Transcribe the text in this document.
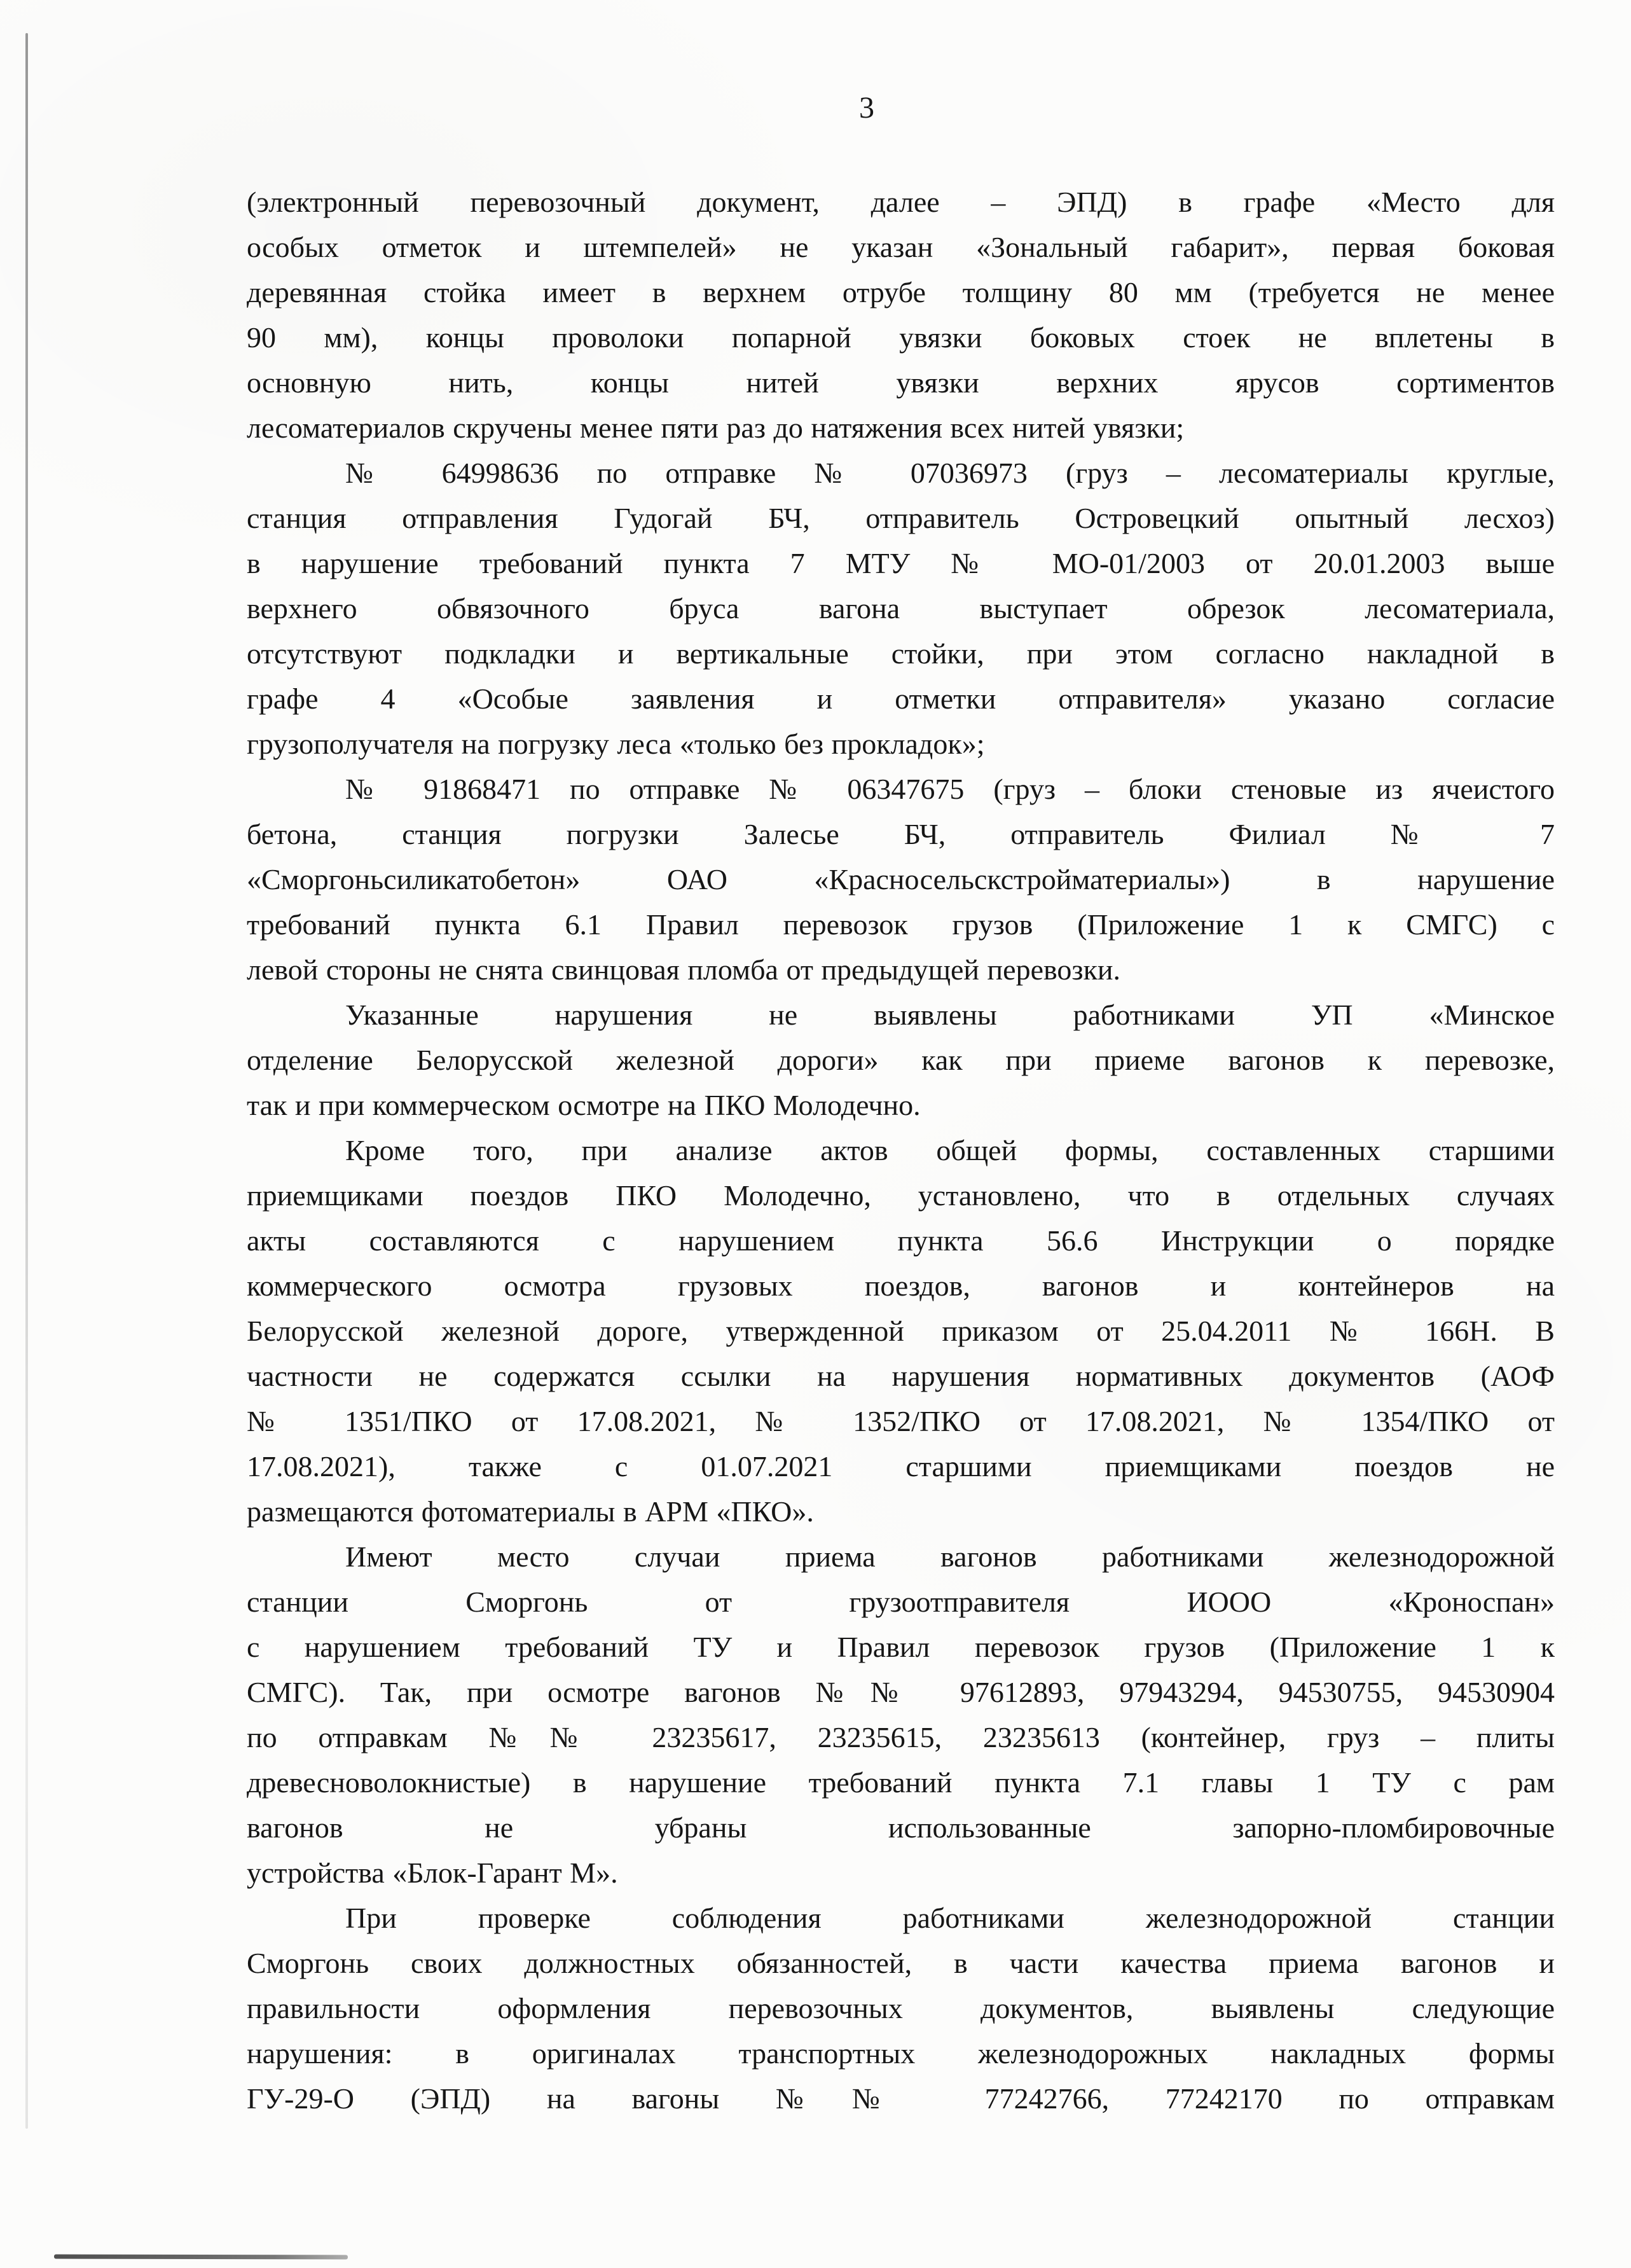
3
(электронный перевозочный документ, далее – ЭПД) в графе «Место для
особых отметок и штемпелей» не указан «Зональный габарит», первая боковая
деревянная стойка имеет в верхнем отрубе толщину 80 мм (требуется не менее
90 мм), концы проволоки попарной увязки боковых стоек не вплетены в
основную нить, концы нитей увязки верхних ярусов сортиментов
лесоматериалов скручены менее пяти раз до натяжения всех нитей увязки;
№ 64998636 по отправке № 07036973 (груз – лесоматериалы круглые,
станция отправления Гудогай БЧ, отправитель Островецкий опытный лесхоз)
в нарушение требований пункта 7 МТУ № МО-01/2003 от 20.01.2003 выше
верхнего обвязочного бруса вагона выступает обрезок лесоматериала,
отсутствуют подкладки и вертикальные стойки, при этом согласно накладной в
графе 4 «Особые заявления и отметки отправителя» указано согласие
грузополучателя на погрузку леса «только без прокладок»;
№ 91868471 по отправке № 06347675 (груз – блоки стеновые из ячеистого
бетона, станция погрузки Залесье БЧ, отправитель Филиал № 7
«Сморгоньсиликатобетон» ОАО «Красносельскстройматериалы») в нарушение
требований пункта 6.1 Правил перевозок грузов (Приложение 1 к СМГС) с
левой стороны не снята свинцовая пломба от предыдущей перевозки.
Указанные нарушения не выявлены работниками УП «Минское
отделение Белорусской железной дороги» как при приеме вагонов к перевозке,
так и при коммерческом осмотре на ПКО Молодечно.
Кроме того, при анализе актов общей формы, составленных старшими
приемщиками поездов ПКО Молодечно, установлено, что в отдельных случаях
акты составляются с нарушением пункта 56.6 Инструкции о порядке
коммерческого осмотра грузовых поездов, вагонов и контейнеров на
Белорусской железной дороге, утвержденной приказом от 25.04.2011 № 166Н. В
частности не содержатся ссылки на нарушения нормативных документов (АОФ
№ 1351/ПКО от 17.08.2021, № 1352/ПКО от 17.08.2021, № 1354/ПКО от
17.08.2021), также с 01.07.2021 старшими приемщиками поездов не
размещаются фотоматериалы в АРМ «ПКО».
Имеют место случаи приема вагонов работниками железнодорожной
станции Сморгонь от грузоотправителя ИООО «Кроноспан»
с нарушением требований ТУ и Правил перевозок грузов (Приложение 1 к
СМГС). Так, при осмотре вагонов №№ 97612893, 97943294, 94530755, 94530904
по отправкам №№ 23235617, 23235615, 23235613 (контейнер, груз – плиты
древесноволокнистые) в нарушение требований пункта 7.1 главы 1 ТУ с рам
вагонов не убраны использованные запорно-пломбировочные
устройства «Блок-Гарант М».
При проверке соблюдения работниками железнодорожной станции
Сморгонь своих должностных обязанностей, в части качества приема вагонов и
правильности оформления перевозочных документов, выявлены следующие
нарушения: в оригиналах транспортных железнодорожных накладных формы
ГУ-29-О (ЭПД) на вагоны №№ 77242766, 77242170 по отправкам
